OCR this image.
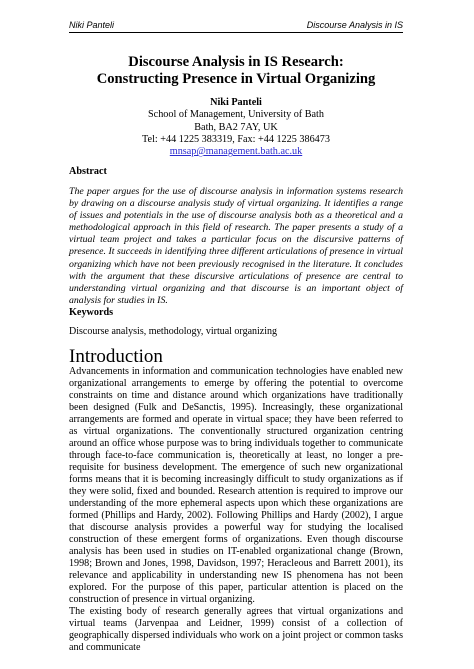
Niki Panteli	Discourse Analysis in IS
Discourse Analysis in IS Research:
Constructing Presence in Virtual Organizing
Niki Panteli
School of Management, University of Bath
Bath, BA2 7AY, UK
Tel: +44 1225 383319, Fax: +44 1225 386473
mnsap@management.bath.ac.uk
Abstract
The paper argues for the use of discourse analysis in information systems research by drawing on a discourse analysis study of virtual organizing. It identifies a range of issues and potentials in the use of discourse analysis both as a theoretical and a methodological approach in this field of research. The paper presents a study of a virtual team project and takes a particular focus on the discursive patterns of presence. It succeeds in identifying three different articulations of presence in virtual organizing which have not been previously recognised in the literature. It concludes with the argument that these discursive articulations of presence are central to understanding virtual organizing and that discourse is an important object of analysis for studies in IS.
Keywords
Discourse analysis, methodology, virtual organizing
Introduction

Advancements in information and communication technologies have enabled new organizational arrangements to emerge by offering the potential to overcome constraints on time and distance around which organizations have traditionally been designed (Fulk and DeSanctis, 1995). Increasingly, these organizational arrangements are formed and operate in virtual space; they have been referred to as virtual organizations. The conventionally structured organization centring around an office whose purpose was to bring individuals together to communicate through face-to-face communication is, theoretically at least, no longer a pre-requisite for business development. The emergence of such new organizational forms means that it is becoming increasingly difficult to study organizations as if they were solid, fixed and bounded. Research attention is required to improve our understanding of the more ephemeral aspects upon which these organizations are formed (Phillips and Hardy, 2002). Following Phillips and Hardy (2002), I argue that discourse analysis provides a powerful way for studying the localised construction of these emergent forms of organizations. Even though discourse analysis has been used in studies on IT-enabled organizational change (Brown, 1998; Brown and Jones, 1998, Davidson, 1997; Heracleous and Barrett 2001), its relevance and applicability in understanding new IS phenomena has not been explored. For the purpose of this paper, particular attention is placed on the construction of presence in virtual organizing.

The existing body of research generally agrees that virtual organizations and virtual teams (Jarvenpaa and Leidner, 1999) consist of a collection of geographically dispersed individuals who work on a joint project or common tasks and communicate
